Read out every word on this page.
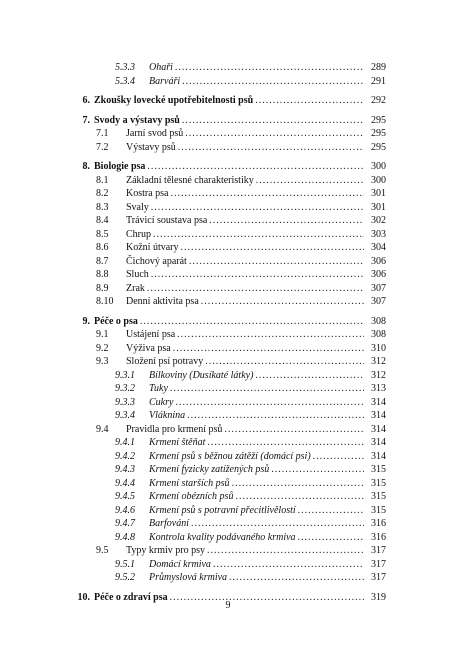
5.3.3	Ohaři .....	289
5.3.4	Barváři .....	291
6. Zkoušky lovecké upotřebitelnosti psů .....	292
7. Svody a výstavy psů .....	295
7.1	Jarní svod psů .....	295
7.2	Výstavy psů .....	295
8. Biologie psa .....	300
8.1	Základní tělesné charakteristiky .....	300
8.2	Kostra psa .....	301
8.3	Svaly .....	301
8.4	Trávicí soustava psa .....	302
8.5	Chrup .....	303
8.6	Kožní útvary .....	304
8.7	Čichový aparát .....	306
8.8	Sluch .....	306
8.9	Zrak .....	307
8.10	Denní aktivita psa .....	307
9. Péče o psa .....	308
9.1	Ustájení psa .....	308
9.2	Výživa psa .....	310
9.3	Složení psí potravy .....	312
9.3.1	Bílkoviny (Dusíkaté látky) .....	312
9.3.2	Tuky .....	313
9.3.3	Cukry .....	314
9.3.4	Vláknina .....	314
9.4	Pravidla pro krmení psů .....	314
9.4.1	Krmení štěňat .....	314
9.4.2	Krmení psů s běžnou zátěží (domácí psi) .....	314
9.4.3	Krmení fyzicky zatížených psů .....	315
9.4.4	Krmení starších psů .....	315
9.4.5	Krmení obézních psů .....	315
9.4.6	Krmení psů s potravní přecitlivělostí .....	315
9.4.7	Barfování .....	316
9.4.8	Kontrola kvality podávaného krmiva .....	316
9.5	Typy krmiv pro psy .....	317
9.5.1	Domácí krmiva .....	317
9.5.2	Průmyslová krmiva .....	317
10. Péče o zdraví psa .....	319
9
